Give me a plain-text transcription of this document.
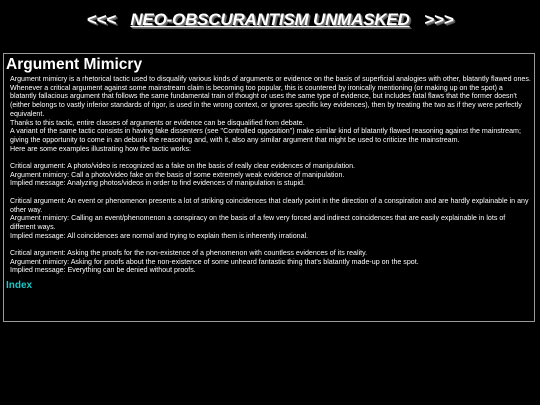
<<< NEO-OBSCURANTISM UNMASKED >>>
Argument Mimicry

Argument mimicry is a rhetorical tactic used to disqualify various kinds of arguments or evidence on the basis of superficial analogies with other, blatantly flawed ones.

Whenever a critical argument against some mainstream claim is becoming too popular, this is countered by ironically mentioning (or making up on the spot) a blatantly fallacious argument that follows the same fundamental train of thought or uses the same type of evidence, but includes fatal flaws that the former doesn't (either belongs to vastly inferior standards of rigor, is used in the wrong context, or ignores specific key evidences), then by treating the two as if they were perfectly equivalent.

Thanks to this tactic, entire classes of arguments or evidence can be disqualified from debate.

A variant of the same tactic consists in having fake dissenters (see "Controlled opposition") make similar kind of blatantly flawed reasoning against the mainstream; giving the opportunity to come in an debunk the reasoning and, with it, also any similar argument that might be used to criticize the mainstream.

Here are some examples illustrating how the tactic works:

Critical argument: A photo/video is recognized as a fake on the basis of really clear evidences of manipulation.

Argument mimicry: Call a photo/video fake on the basis of some extremely weak evidence of manipulation.

Implied message: Analyzing photos/videos in order to find evidences of manipulation is stupid.

Critical argument: An event or phenomenon presents a lot of striking coincidences that clearly point in the direction of a conspiration and are hardly explainable in any other way.

Argument mimicry: Calling an event/phenomenon a conspiracy on the basis of a few very forced and indirect coincidences that are easily explainable in lots of different ways.

Implied message: All coincidences are normal and trying to explain them is inherently irrational.

Critical argument: Asking the proofs for the non-existence of a phenomenon with countless evidences of its reality.

Argument mimicry: Asking for proofs about the non-existence of some unheard fantastic thing that's blatantly made-up on the spot.

Implied message: Everything can be denied without proofs.

Index
